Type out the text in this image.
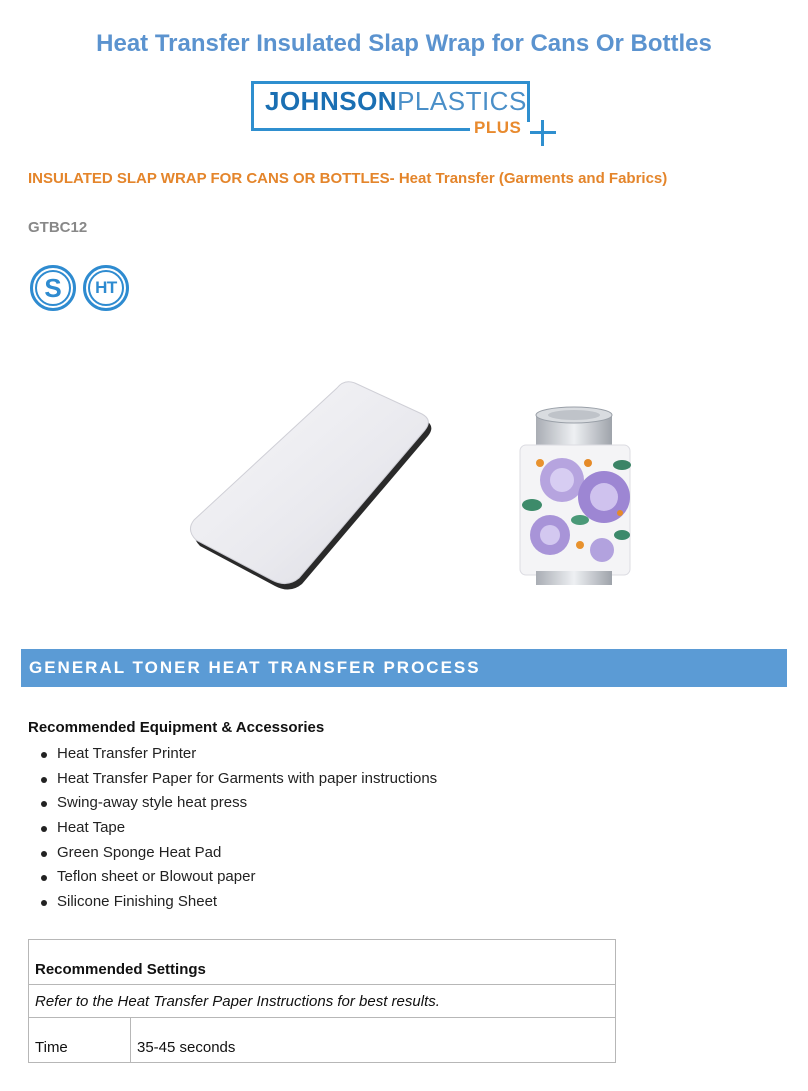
Heat Transfer Insulated Slap Wrap for Cans Or Bottles
JOHNSONPLASTICS
PLUS
INSULATED SLAP WRAP FOR CANS OR BOTTLES- Heat Transfer (Garments and Fabrics)
GTBC12
S	HT
GENERAL TONER HEAT TRANSFER PROCESS
Recommended Equipment & Accessories
Heat Transfer Printer
Heat Transfer Paper for Garments with paper instructions
Swing-away style heat press
Heat Tape
Green Sponge Heat Pad
Teflon sheet or Blowout paper
Silicone Finishing Sheet
Recommended Settings
Refer to the Heat Transfer Paper Instructions for best results.
Time	35-45 seconds
